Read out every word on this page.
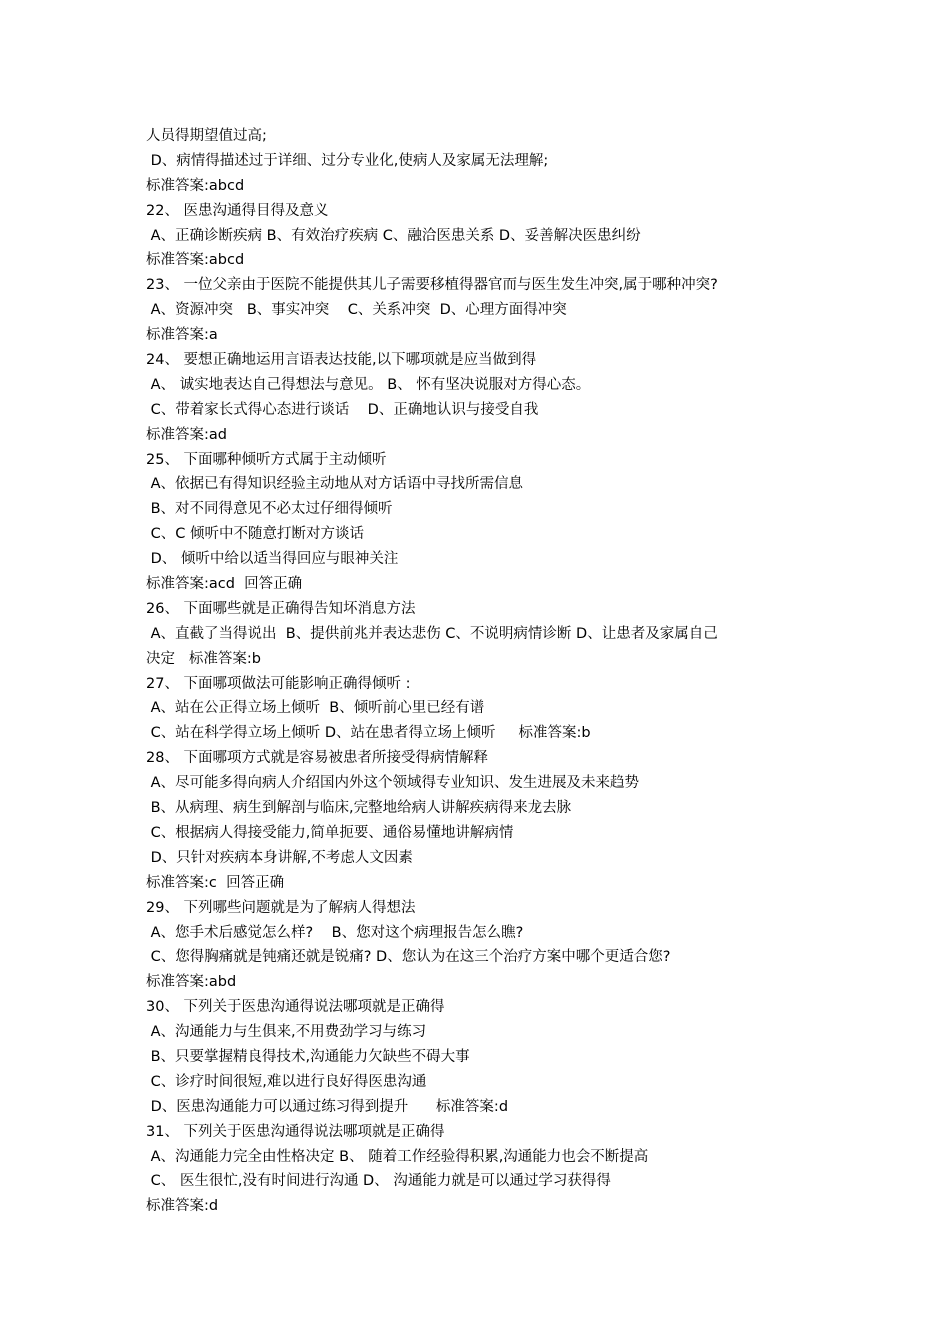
人员得期望值过高;
D、病情得描述过于详细、过分专业化,使病人及家属无法理解;
标准答案:abcd
22、 医患沟通得目得及意义
A、正确诊断疾病 B、有效治疗疾病 C、融洽医患关系 D、妥善解决医患纠纷
标准答案:abcd
23、 一位父亲由于医院不能提供其儿子需要移植得器官而与医生发生冲突,属于哪种冲突?
A、资源冲突   B、事实冲突    C、关系冲突  D、心理方面得冲突
标准答案:a
24、 要想正确地运用言语表达技能,以下哪项就是应当做到得
A、 诚实地表达自己得想法与意见。 B、 怀有坚决说服对方得心态。
C、带着家长式得心态进行谈话    D、正确地认识与接受自我
标准答案:ad
25、 下面哪种倾听方式属于主动倾听
A、依据已有得知识经验主动地从对方话语中寻找所需信息
B、对不同得意见不必太过仔细得倾听
C、C 倾听中不随意打断对方谈话
D、 倾听中给以适当得回应与眼神关注
标准答案:acd  回答正确
26、 下面哪些就是正确得告知坏消息方法
A、直截了当得说出  B、提供前兆并表达悲伤 C、不说明病情诊断 D、让患者及家属自己
决定   标准答案:b
27、 下面哪项做法可能影响正确得倾听 :
A、站在公正得立场上倾听  B、倾听前心里已经有谱
C、站在科学得立场上倾听 D、站在患者得立场上倾听     标准答案:b
28、 下面哪项方式就是容易被患者所接受得病情解释
A、尽可能多得向病人介绍国内外这个领域得专业知识、发生进展及未来趋势
B、从病理、病生到解剖与临床,完整地给病人讲解疾病得来龙去脉
C、根据病人得接受能力,简单扼要、通俗易懂地讲解病情
D、只针对疾病本身讲解,不考虑人文因素
标准答案:c  回答正确
29、 下列哪些问题就是为了解病人得想法
A、您手术后感觉怎么样?    B、您对这个病理报告怎么瞧?
C、您得胸痛就是钝痛还就是锐痛? D、您认为在这三个治疗方案中哪个更适合您?
标准答案:abd
30、 下列关于医患沟通得说法哪项就是正确得
A、沟通能力与生俱来,不用费劲学习与练习
B、只要掌握精良得技术,沟通能力欠缺些不碍大事
C、诊疗时间很短,难以进行良好得医患沟通
D、医患沟通能力可以通过练习得到提升      标准答案:d
31、 下列关于医患沟通得说法哪项就是正确得
A、沟通能力完全由性格决定 B、 随着工作经验得积累,沟通能力也会不断提高
C、 医生很忙,没有时间进行沟通 D、 沟通能力就是可以通过学习获得得
标准答案:d
